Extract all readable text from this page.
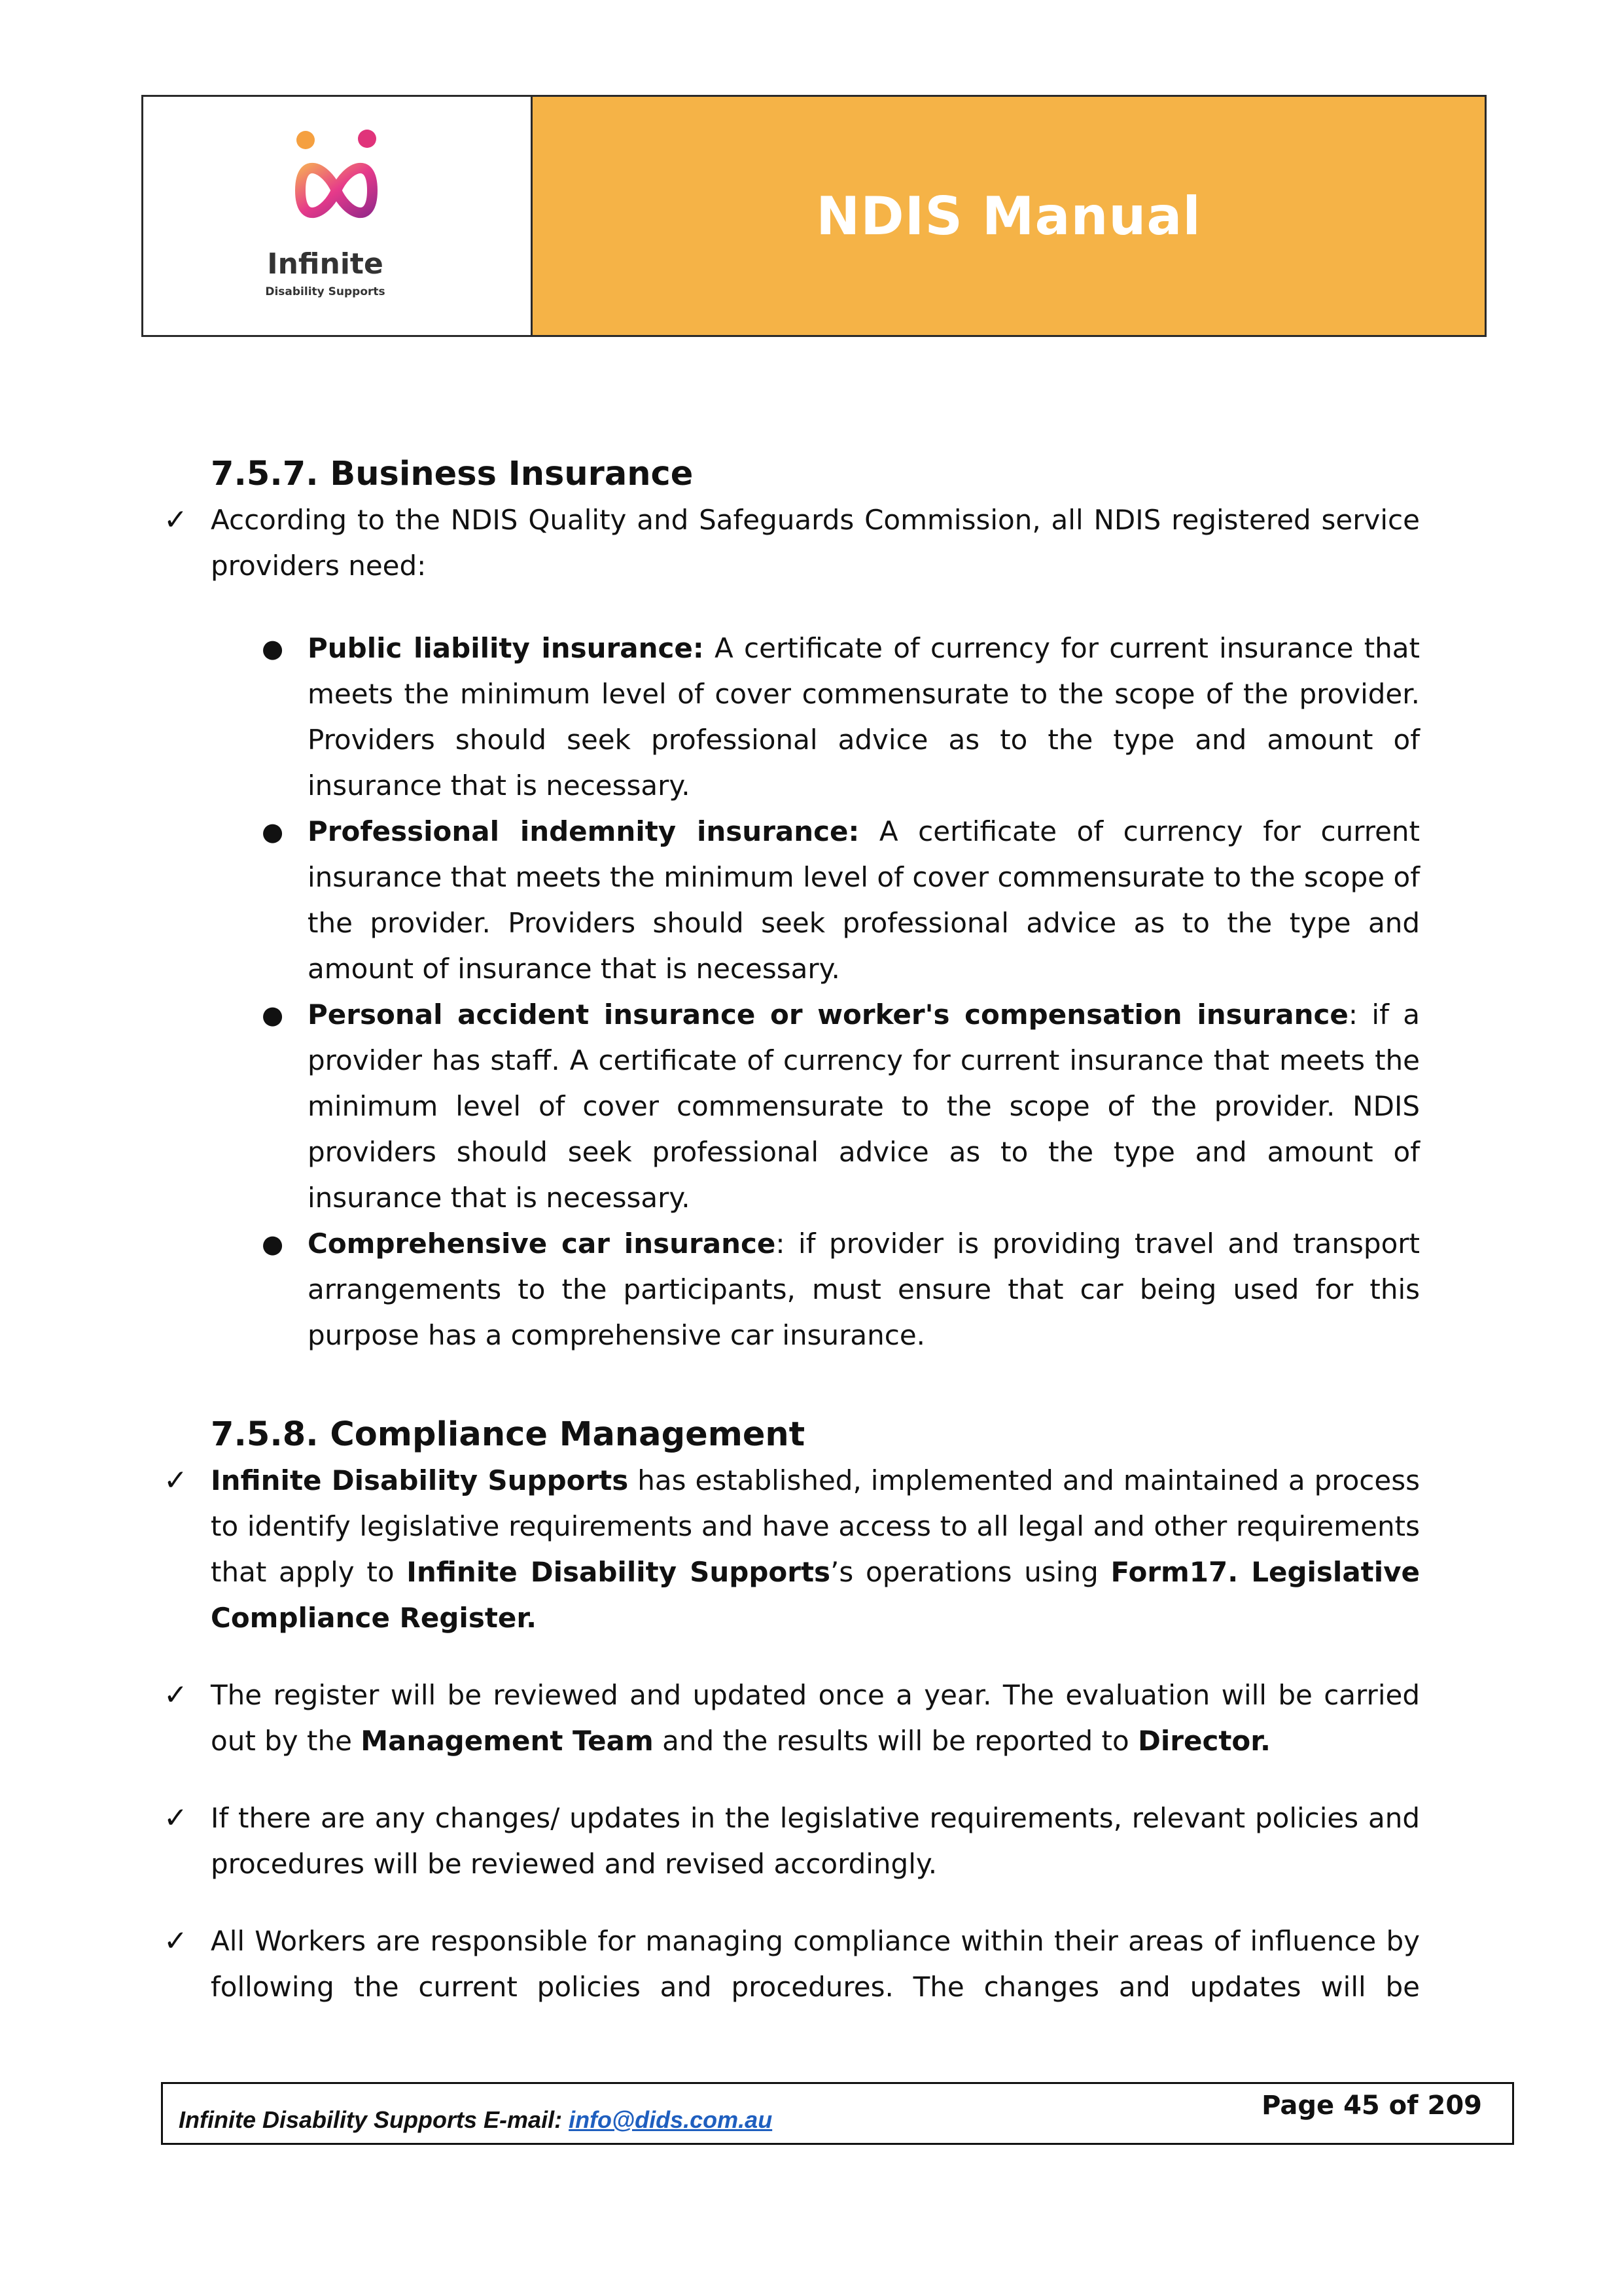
Infinite
Disability Supports
NDIS Manual
7.5.7. Business Insurance
✓ According to the NDIS Quality and Safeguards Commission, all NDIS registered service providers need:

● Public liability insurance: A certificate of currency for current insurance that meets the minimum level of cover commensurate to the scope of the provider. Providers should seek professional advice as to the type and amount of insurance that is necessary.

● Professional indemnity insurance: A certificate of currency for current insurance that meets the minimum level of cover commensurate to the scope of the provider. Providers should seek professional advice as to the type and amount of insurance that is necessary.

● Personal accident insurance or worker's compensation insurance: if a provider has staff. A certificate of currency for current insurance that meets the minimum level of cover commensurate to the scope of the provider. NDIS providers should seek professional advice as to the type and amount of insurance that is necessary.

● Comprehensive car insurance: if provider is providing travel and transport arrangements to the participants, must ensure that car being used for this purpose has a comprehensive car insurance.

7.5.8. Compliance Management
✓ Infinite Disability Supports has established, implemented and maintained a process to identify legislative requirements and have access to all legal and other requirements that apply to Infinite Disability Supports’s operations using Form17. Legislative Compliance Register.

✓ The register will be reviewed and updated once a year. The evaluation will be carried out by the Management Team and the results will be reported to Director.

✓ If there are any changes/ updates in the legislative requirements, relevant policies and procedures will be reviewed and revised accordingly.

✓ All Workers are responsible for managing compliance within their areas of influence by following the current policies and procedures. The changes and updates will be

Infinite Disability Supports E-mail: info@dids.com.au	Page 45 of 209
